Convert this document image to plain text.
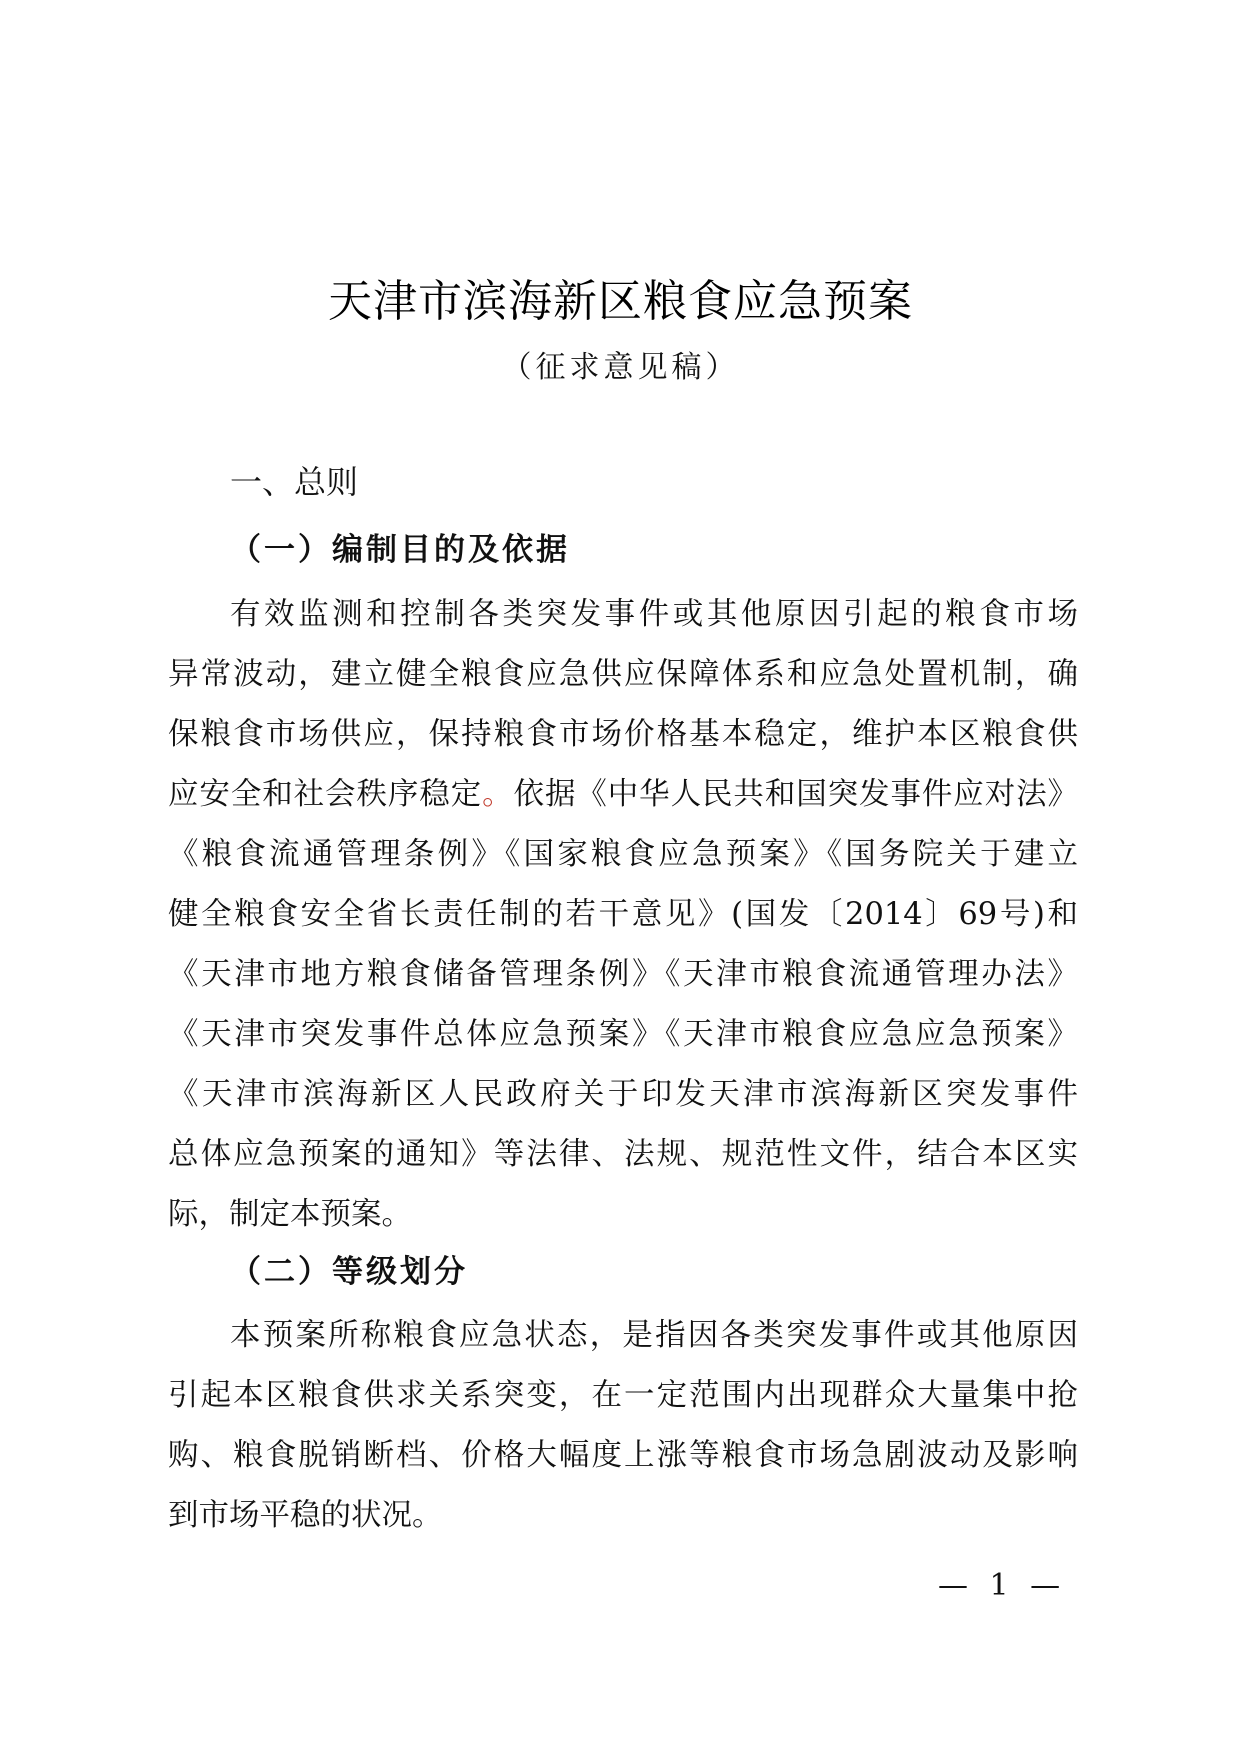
天津市滨海新区粮食应急预案
（征求意见稿）
一、总则
（一）编制目的及依据
有效监测和控制各类突发事件或其他原因引起的粮食市场
异常波动，建立健全粮食应急供应保障体系和应急处置机制，确
保粮食市场供应，保持粮食市场价格基本稳定，维护本区粮食供
应安全和社会秩序稳定。依据《中华人民共和国突发事件应对法》
《粮食流通管理条例》《国家粮食应急预案》《国务院关于建立
健全粮食安全省长责任制的若干意见》(国发〔2014〕69号)和
《天津市地方粮食储备管理条例》《天津市粮食流通管理办法》
《天津市突发事件总体应急预案》《天津市粮食应急应急预案》
《天津市滨海新区人民政府关于印发天津市滨海新区突发事件
总体应急预案的通知》等法律、法规、规范性文件，结合本区实
际，制定本预案。
（二）等级划分
本预案所称粮食应急状态，是指因各类突发事件或其他原因
引起本区粮食供求关系突变，在一定范围内出现群众大量集中抢
购、粮食脱销断档、价格大幅度上涨等粮食市场急剧波动及影响
到市场平稳的状况。
— 1 —
